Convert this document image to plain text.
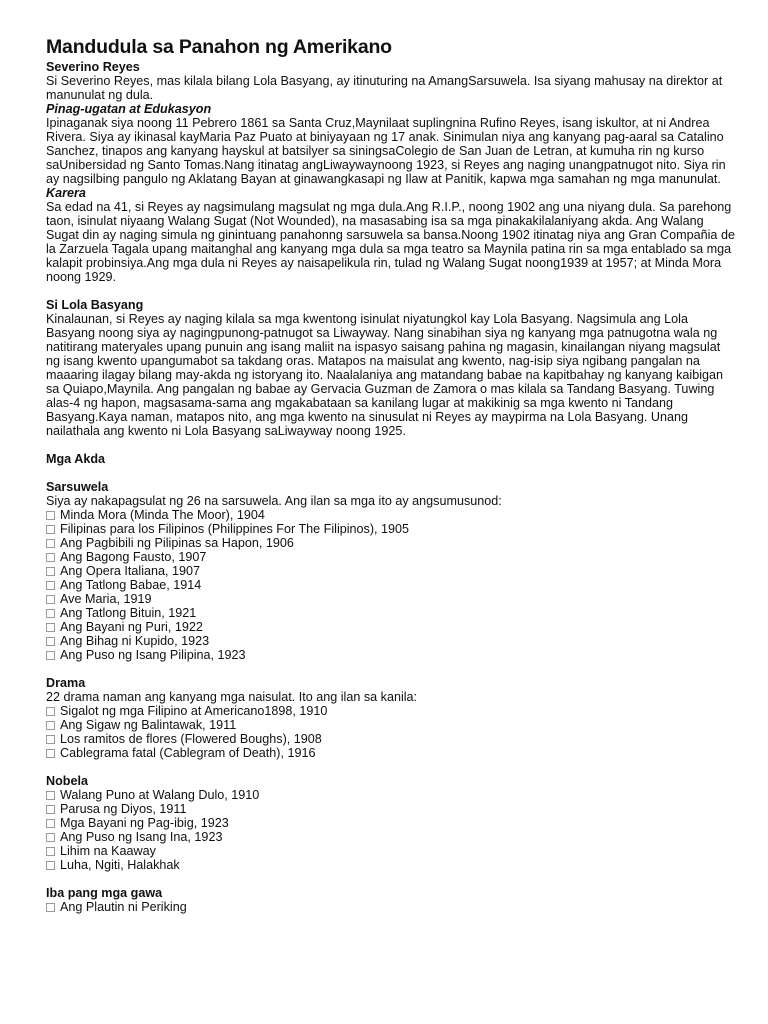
Mandudula sa Panahon ng Amerikano
Severino Reyes

Si Severino Reyes, mas kilala bilang Lola Basyang, ay itinuturing na AmangSarsuwela. Isa siyang mahusay na direktor at manunulat ng dula.

Pinag-ugatan at Edukasyon

Ipinaganak siya noong 11 Pebrero 1861 sa Santa Cruz,Maynilaat suplingnina Rufino Reyes, isang iskultor, at ni Andrea Rivera. Siya ay ikinasal kayMaria Paz Puato at biniyayaan ng 17 anak. Sinimulan niya ang kanyang pag-aaral sa Catalino Sanchez, tinapos ang kanyang hayskul at batsilyer sa siningsaColegio de San Juan de Letran, at kumuha rin ng kurso saUnibersidad ng Santo Tomas.Nang itinatag angLiwaywaynoong 1923, si Reyes ang naging unangpatnugot nito. Siya rin ay nagsilbing pangulo ng Aklatang Bayan at ginawangkasapi ng Ilaw at Panitik, kapwa mga samahan ng mga manunulat.

Karera

Sa edad na 41, si Reyes ay nagsimulang magsulat ng mga dula.Ang R.I.P., noong 1902 ang una niyang dula. Sa parehong taon, isinulat niyaang Walang Sugat (Not Wounded), na masasabing isa sa mga pinakakilalaniyang akda. Ang Walang Sugat din ay naging simula ng ginintuang panahonng sarsuwela sa bansa.Noong 1902 itinatag niya ang Gran Compañia de la Zarzuela Tagala upang maitanghal ang kanyang mga dula sa mga teatro sa Maynila patina rin sa mga entablado sa mga kalapit probinsiya.Ang mga dula ni Reyes ay naisapelikula rin, tulad ng Walang Sugat noong1939 at 1957; at Minda Mora noong 1929.

Si Lola Basyang

Kinalaunan, si Reyes ay naging kilala sa mga kwentong isinulat niyatungkol kay Lola Basyang. Nagsimula ang Lola Basyang noong siya ay nagingpunong-patnugot sa Liwayway. Nang sinabihan siya ng kanyang mga patnugotna wala ng natitirang materyales upang punuin ang isang maliit na ispasyo saisang pahina ng magasin, kinailangan niyang magsulat ng isang kwento upangumabot sa takdang oras. Matapos na maisulat ang kwento, nag-isip siya ngibang pangalan na maaaring ilagay bilang may-akda ng istoryang ito. Naalalaniya ang matandang babae na kapitbahay ng kanyang kaibigan sa Quiapo,Maynila. Ang pangalan ng babae ay Gervacia Guzman de Zamora o mas kilala sa Tandang Basyang. Tuwing alas-4 ng hapon, magsasama-sama ang mgakabataan sa kanilang lugar at makikinig sa mga kwento ni Tandang Basyang.Kaya naman, matapos nito, ang mga kwento na sinusulat ni Reyes ay maypirma na Lola Basyang. Unang nailathala ang kwento ni Lola Basyang saLiwayway noong 1925.

Mga Akda
Sarsuwela

Siya ay nakapagsulat ng 26 na sarsuwela. Ang ilan sa mga ito ay angsumusunod:

Minda Mora (Minda The Moor), 1904
Filipinas para los Filipinos (Philippines For The Filipinos), 1905
Ang Pagbibili ng Pilipinas sa Hapon, 1906
Ang Bagong Fausto, 1907
Ang Opera Italiana, 1907
Ang Tatlong Babae, 1914
Ave Maria, 1919
Ang Tatlong Bituin, 1921
Ang Bayani ng Puri, 1922
Ang Bihag ni Kupido, 1923
Ang Puso ng Isang Pilipina, 1923
Drama

22 drama naman ang kanyang mga naisulat. Ito ang ilan sa kanila:

Sigalot ng mga Filipino at Americano1898, 1910
Ang Sigaw ng Balintawak, 1911
Los ramitos de flores (Flowered Boughs), 1908
Cablegrama fatal (Cablegram of Death), 1916
Nobela
Walang Puno at Walang Dulo, 1910
Parusa ng Diyos, 1911
Mga Bayani ng Pag-ibig, 1923
Ang Puso ng Isang Ina, 1923
Lihim na Kaaway
Luha, Ngiti, Halakhak
Iba pang mga gawa
Ang Plautin ni Periking
